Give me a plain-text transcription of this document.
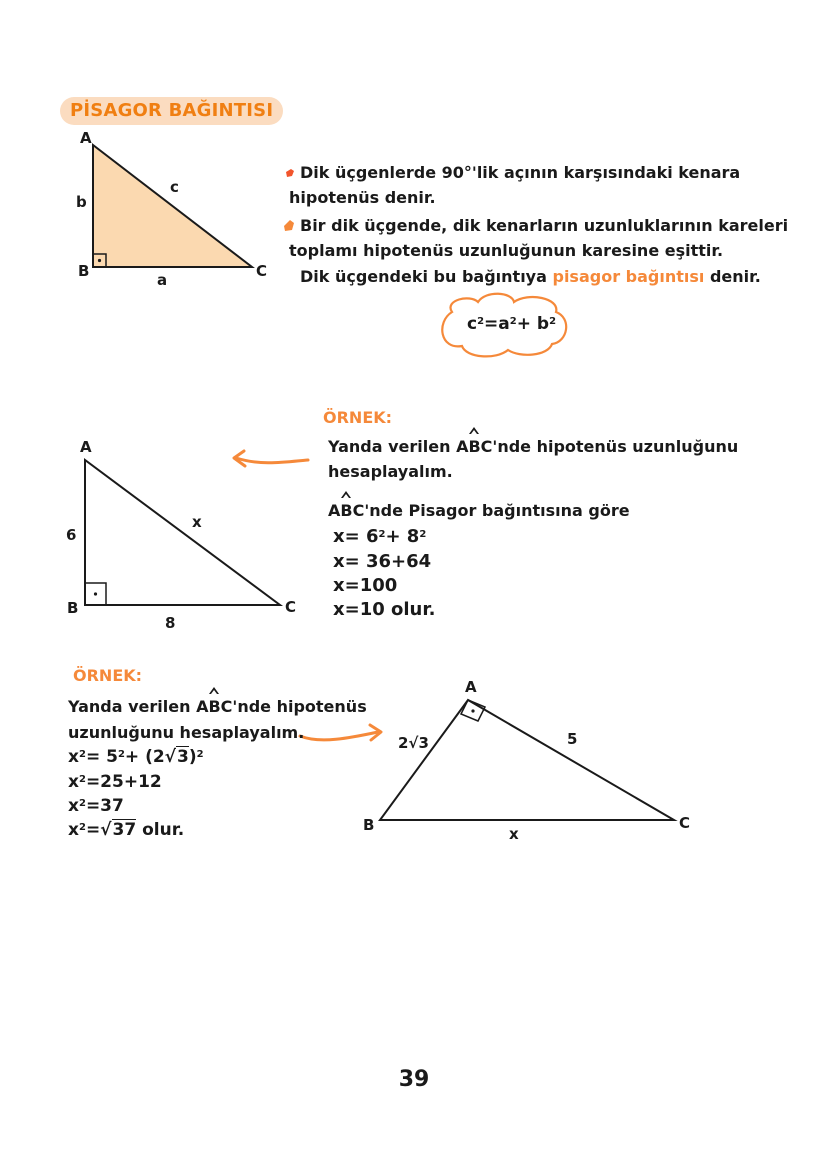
PİSAGOR BAĞINTISI
A
B	C
b
c
a
A
B	C
6
x
8
A
B	C
2√3	5
x
Dik üçgenlerde 90°'lik açının karşısındaki kenara
hipotenüs denir.
Bir dik üçgende, dik kenarların uzunluklarının kareleri
toplamı hipotenüs uzunluğunun karesine eşittir.
Dik üçgendeki bu bağıntıya pisagor bağıntısı denir.
$c^2=a^2+ b^2$
ÖRNEK:
Yanda verilen ABC'nde hipotenüs uzunluğunu
hesaplayalım.
ABC'nde Pisagor bağıntısına göre
$x= 6^2+ 8^2$
x= 36+64
x=100
x=10 olur.
ÖRNEK:
Yanda verilen ABC'nde hipotenüs
uzunluğunu hesaplayalım.
$x^2= 5^2+ (2√3)^2$
$x^2=25+12$
$x^2=37$
$x^2=√37$ olur.
39
